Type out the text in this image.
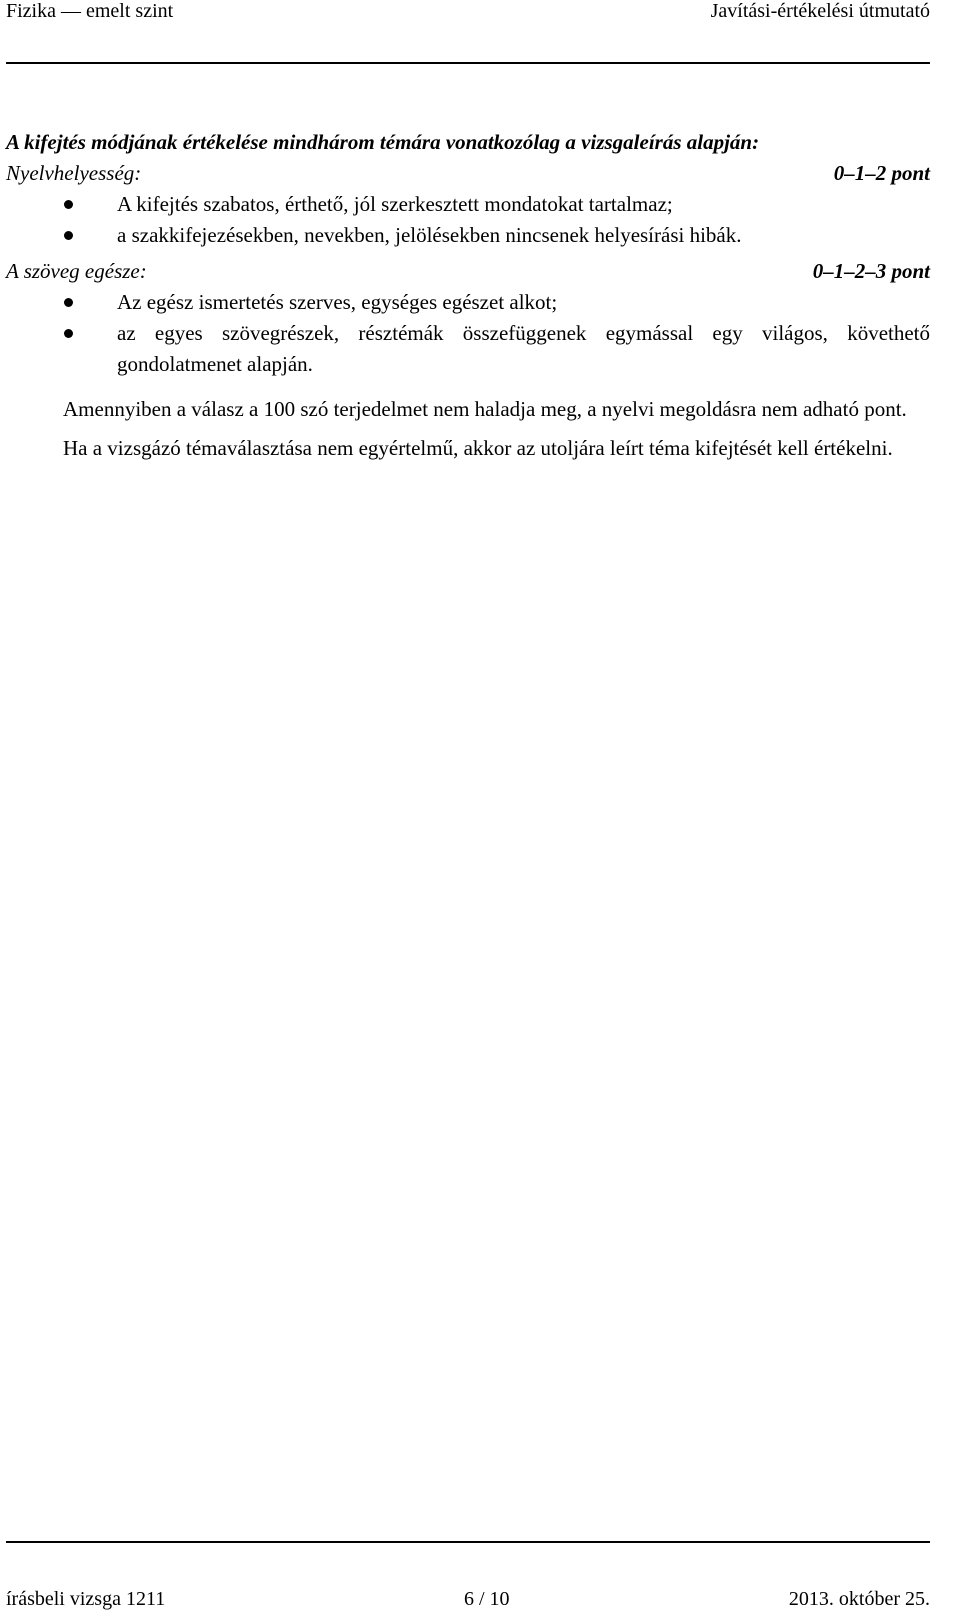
Fizika — emelt szint	Javítási-értékelési útmutató

A kifejtés módjának értékelése mindhárom témára vonatkozólag a vizsgaleírás alapján:

Nyelvhelyesség:	0–1–2 pont
A kifejtés szabatos, érthető, jól szerkesztett mondatokat tartalmaz;
a szakkifejezésekben, nevekben, jelölésekben nincsenek helyesírási hibák.
A szöveg egésze:	0–1–2–3 pont
Az egész ismertetés szerves, egységes egészet alkot;
az egyes szövegrészek, résztémák összefüggenek egymással egy világos, követhető gondolatmenet alapján.

Amennyiben a válasz a 100 szó terjedelmet nem haladja meg, a nyelvi megoldásra nem adható pont.

Ha a vizsgázó témaválasztása nem egyértelmű, akkor az utoljára leírt téma kifejtését kell értékelni.

írásbeli vizsga 1211	6 / 10	2013. október 25.
